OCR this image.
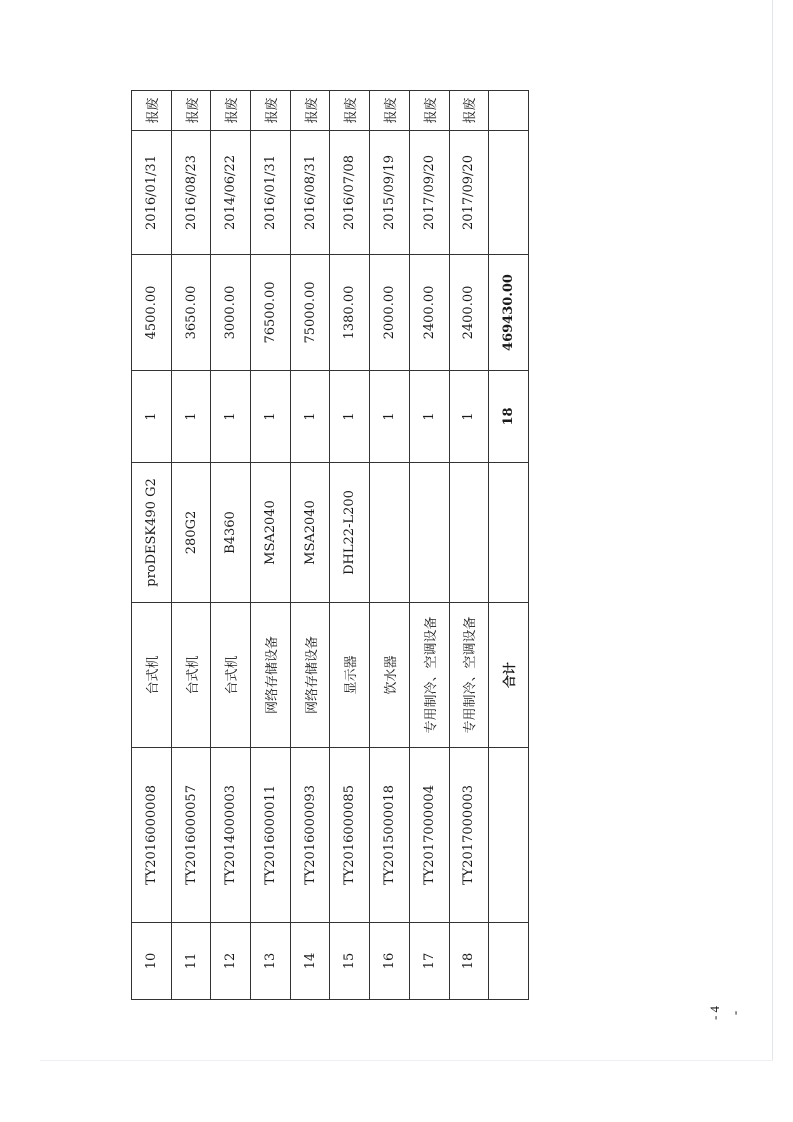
10	TY2016000008	台式机	proDESK490 G2	1	4500.00	2016/01/31	报废
11	TY2016000057	台式机	280G2	1	3650.00	2016/08/23	报废
12	TY2014000003	台式机	B4360	1	3000.00	2014/06/22	报废
13	TY2016000011	网络存储设备	MSA2040	1	76500.00	2016/01/31	报废
14	TY2016000093	网络存储设备	MSA2040	1	75000.00	2016/08/31	报废
15	TY2016000085	显示器	DHL22-L200	1	1380.00	2016/07/08	报废
16	TY2015000018	饮水器		1	2000.00	2015/09/19	报废
17	TY2017000004	专用制冷、空调设备		1	2400.00	2017/09/20	报废
18	TY2017000003	专用制冷、空调设备		1	2400.00	2017/09/20	报废
		合计		18	469430.00		
- 4 -
